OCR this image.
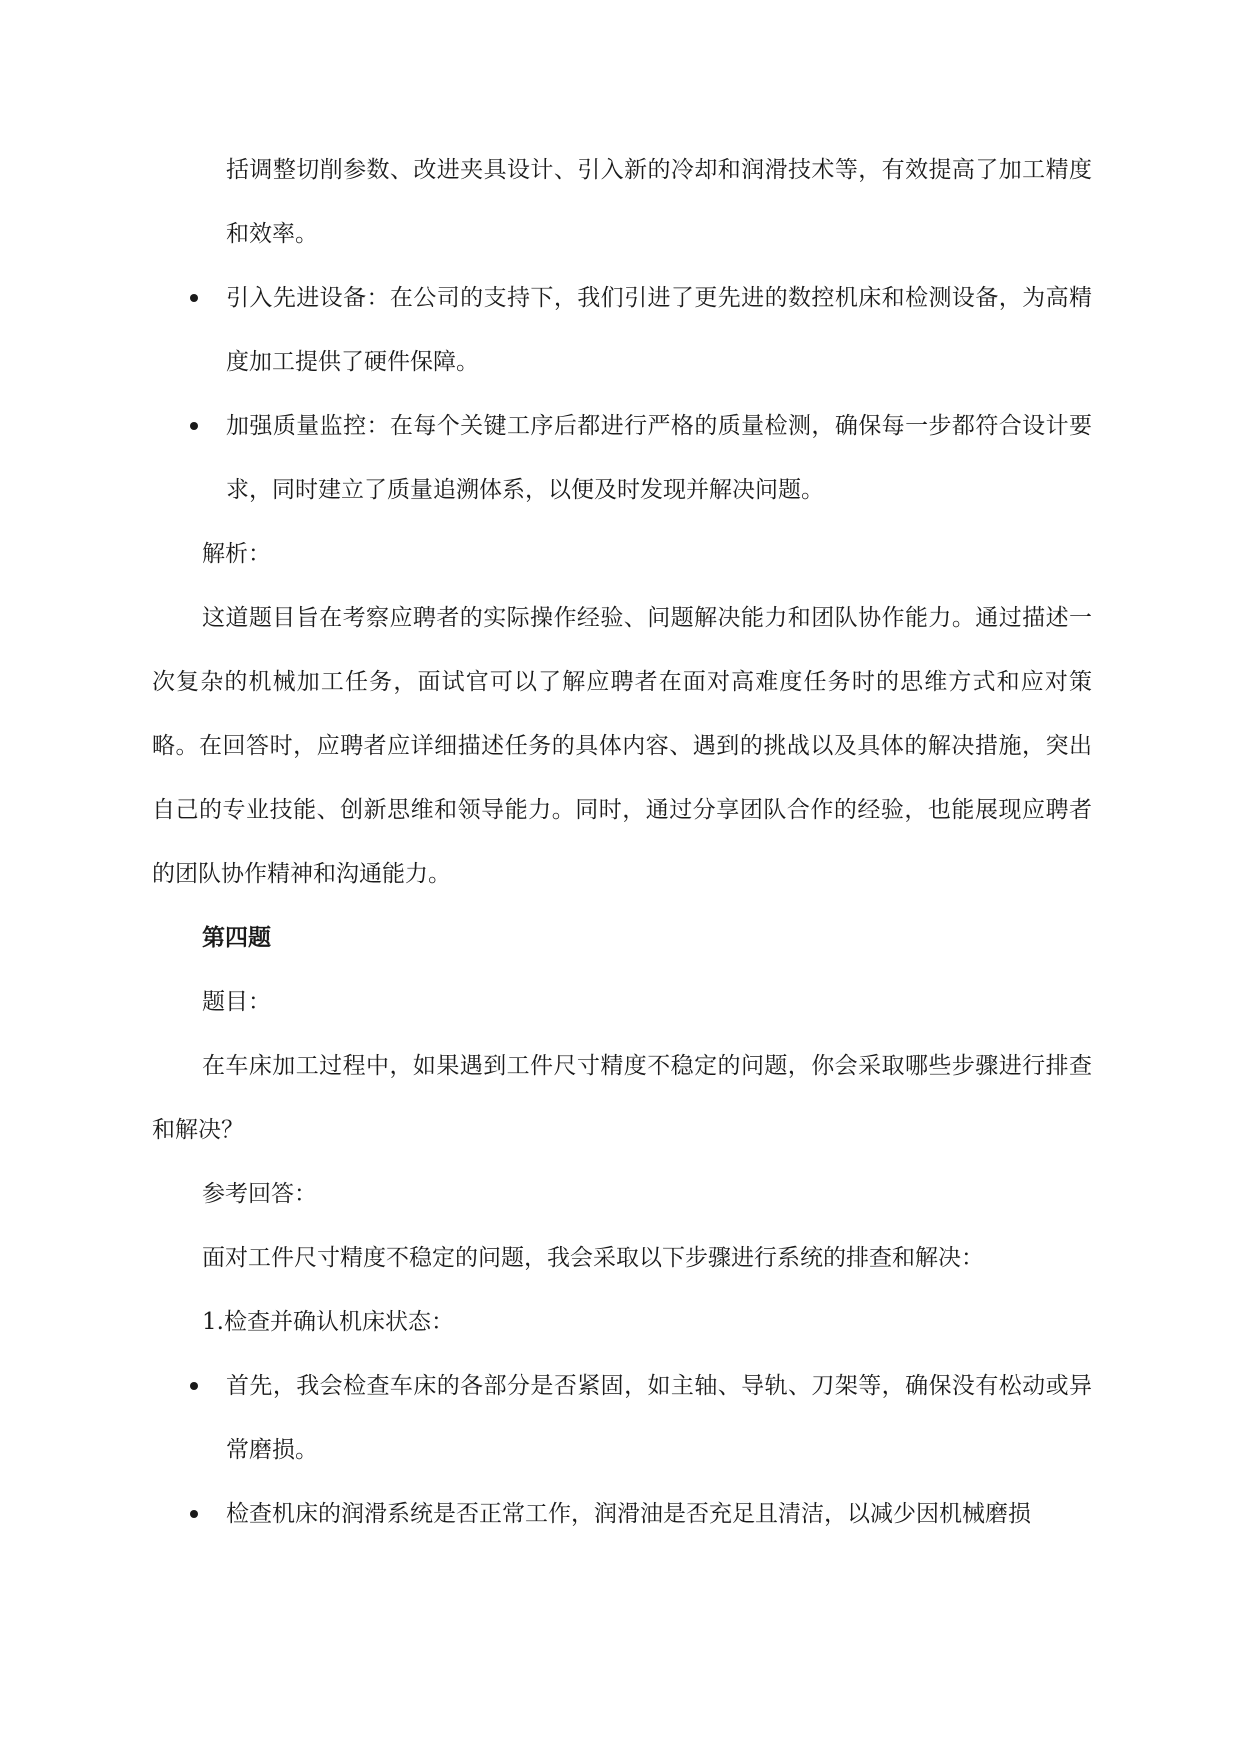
括调整切削参数、改进夹具设计、引入新的冷却和润滑技术等，有效提高了加工精度和效率。
引入先进设备：在公司的支持下，我们引进了更先进的数控机床和检测设备，为高精度加工提供了硬件保障。
加强质量监控：在每个关键工序后都进行严格的质量检测，确保每一步都符合设计要求，同时建立了质量追溯体系，以便及时发现并解决问题。
解析：
这道题目旨在考察应聘者的实际操作经验、问题解决能力和团队协作能力。通过描述一次复杂的机械加工任务，面试官可以了解应聘者在面对高难度任务时的思维方式和应对策略。在回答时，应聘者应详细描述任务的具体内容、遇到的挑战以及具体的解决措施，突出自己的专业技能、创新思维和领导能力。同时，通过分享团队合作的经验，也能展现应聘者的团队协作精神和沟通能力。
第四题
题目：
在车床加工过程中，如果遇到工件尺寸精度不稳定的问题，你会采取哪些步骤进行排查和解决？
参考回答：
面对工件尺寸精度不稳定的问题，我会采取以下步骤进行系统的排查和解决：
1.检查并确认机床状态：
首先，我会检查车床的各部分是否紧固，如主轴、导轨、刀架等，确保没有松动或异常磨损。
检查机床的润滑系统是否正常工作，润滑油是否充足且清洁，以减少因机械磨损
